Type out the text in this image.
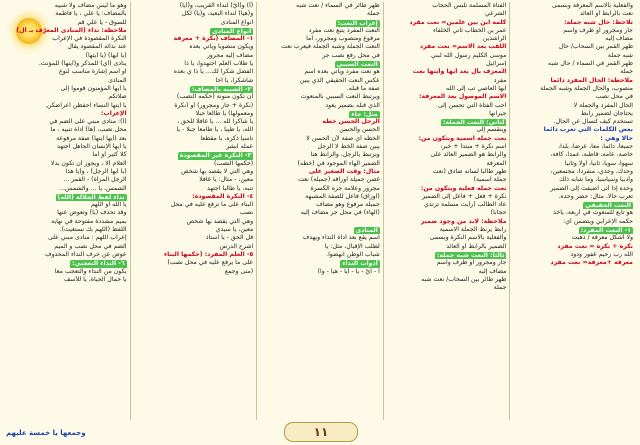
والفعلية بالاسم المعرفة وبسمى
نعت بالرابط أو العائد
تلاحظ: حال شبه جملة:
جار ومجرور أو ظرف واسم
مضاف إليه
ظهر القمر بين السحاب/ حال
شبه جملة
ظهر القمر في السماء / حال شبه
جملة
ملاحظة: الحال المفرد دائما
منصوب، والحال الجملة وشبه الجملة
في محل نصب
الحال المفرد والجملة لا
يحتاجان لضمير رابط
تستخدم كيف لتسأل عن الحال.
بعض الكلمات التي تعرب دائما
حالا وهي :
جميعا، دائما، معا، عرضا، بلدا،
خاصة، عامة، قاطبة، عمدا، كافة،
سهوا، سويا، ثانيا، أولا وثانيا
وحدك، وحدي، منفردا، مجتمعين،
وأدبيا وسياسيا، وما شابه ذلك
وحده إذا أتى أضيفت إلى الضمير
تعرب حالا. مثال: حضر وحده.
النعت الحقيقي
هو تابع للمنعوت في أربعة، يأخذ
حكمه الإعرابي ويتضمن أي:
١- النعت المفرد:
ولا أشكل معرفة / ذهبت
نكرة + نكرة = نعت مفرد
الله رب رحيم غفور ودود
معرفة +معرفة= نعت مفرد
الفتاة المسلمة تلبس الحجاب
الشرعي
كلمة ابن بين علمين= نعت مفرد
عمر بن الخطاب ثاني الخلفاء
الراشدين
اللقب بعد الاسم= نعت مفرد
موسى الكليم رسول الله لبني
إسرائيل
المعرف بأل بعد أيها وأيتها نعت
مفرد
أيها العاصي تب إلى الله
الاسم الموصول بعد المعرفة:
أحب الفتاة التي تحسن إلى
جيرانها
لثاني: النعت الجملة:
وينقسم إلى
نعت جملة اسمية ويتكون من:
اسم نكرة + مبتدأ + خبر،
والرابط هو الضمير العائد على
المعرفة
ظهر طالبا لسانه صادق (نعت
جملة اسمية)
نعت جملة فعلية ويتكون من:
نكرة + فعل + فاعل إلى الضمير
عاد الطالب (رأيت مسلمة ترتدي
حجابا)
ملاحظة: لابد من وجود ضمير
رابط يربط الجملة الاسمية
والفعلية بالاسم النكرة وبسمى
الضمير بالرابط أو العائد
ثالثا: النعت شبه جملة:
جار ومجرور أو ظرف واسم
مضاف إليه
ظهر طائر بين السحاب/ نعت شبه
جملة
ظهر طائر في السماء / نعت شبه
جملة
إعراب النعت:
النعت المفرد يتبع نعت مفرد
مرفوع ومنصوب ومجرور، أما
النعت الجملة وشبه الجملة فيعرب نعت
في محل رفع نصب جر
النعت السببي
هو نعت مفرد ويأتي بعده اسم
عكس النعت الحقيقي الذي يبين
صفة ما قبله.
ويرتبط النعت السببي بالمنعوت
الذي قبله بضمير يعود
مثل: جاء
الرجل الحسن خطه
الحسن والحسن
الخطه أي صفة لأن الحسن لا
يبين صفة الخط لا الرجل
ويرتبط بالرجل، والرابط هنا
الضمير الهاء الموجود في (خطه)
مثال: وقت الصغير على
غصن جميلة أوراقه (جميلة) نعت
مجرور وعلامة جره الكسرة
(أوراق) فاعل للصفة المشبهة
جميلة مرفوع وهو مضاف
(الهاء) في محل جر مضاف إليه
المنادى
اسم يقع بعد أداة النداء ويهدف
لطلب الإقبال، مثل: يا
شباب الوطن انهضوا.
أدوات النداء
أ - أيْ - يا - أيا - هيا - وا)
(أ) و(أيّ) لنداء القريب، و(أيا)
و(هيا) لنداء البعيد، و(يا) لكل
أنواع المنادى
أنواع المنادى
١- المضاف (نكرة + معرفة
ويكون منصوبا ويأتي بعده
مضاف إليه مجرور
يا طلاب العلم اجتهدوا، يا ذا
الفضل شكرا لك... يا ذا ي بعده
شاشكرا، يا أخا
٢- الشبيه بالمضاف:
أن تكون منونة (حكمه النصب)
(نكرة + جار ومجرور) أو (نكرة
ومعمولها) يا طالعا جبلا
يا شاكرا لله ... يا غافلا للحق ،
الله، يا طيبا ، يا طامعا جبلا - يا
ناسيا ذكره، يا مقطعا
عمله ابشر
٣- النكرة غير المقصودة
(حكمها النصب)
وهي التي لا يقصد بها شخص
معين، - مثال: يا غافلا
تنبه، يا طالبا اجتهد
٤- النكرة المقصودة:
البناء على ما ترفع عليه في محل
نصب
وهي التي يقصد بها شخص
معين، يا سيدي
قل الحق - يا أستاذ
اشرح الدرس
٥- العلم المفرد: (حكمها البناء
على ما يرفع عليه في محل نصب)
(متى وجمع
وهو ما ليس مضاف ولا شبيه
بالمضاف: يا علي ، يا فاطمة
للسوق - يا علي قم
ملاحظة: نداء (المنادى المعرّف بـ أل)
النكرة المقصودة في الإعراب
عند ندائه المقصود يقال
(يا أيها) (يا أيتها)
ينادى (أي) للمذكر و(أيتها) للمؤنث،
أو أسم إشارة مناسب لنوع
المنادى
يا أيها المؤمنون قوموا إلى
صلاتكم
يا أيتها النساء احفظن أعراضكن.
الإعراب:
(أ): منادى مبني على الضم في
محل نصب، (ها) أداة تنبيه ، ما
بعد (أيها أيتها) صفة مرفوعة
يا أيها الإنسان الجاهل اجتهد
كلا كثير أو أما
العلام ألا ، ويجوز أن تكون بدلا
(يا أيها الرجل) ، و(يا هذا
الرجل المرأة) - القمر ...
الشمس، يا ... والشمس...
نداء لفظ الجلالة (الله)
يا الله أو اللهم
وقد تحذف (يا) وتعوض عنها
بميم مشددة مفتوحة في نهاية
اللفظ (اللهم بك نستغيث).
إعراب اللهم : منادى مبني على
الضم في محل نصب و الميم
عوض عن حرف النداء المحذوف
٦- النداء التعجبي:
يكون من النداء والتعجب معا
يا جمال الحياة، يا للأسف
وجمعها يا خمسة عليهم	١١
